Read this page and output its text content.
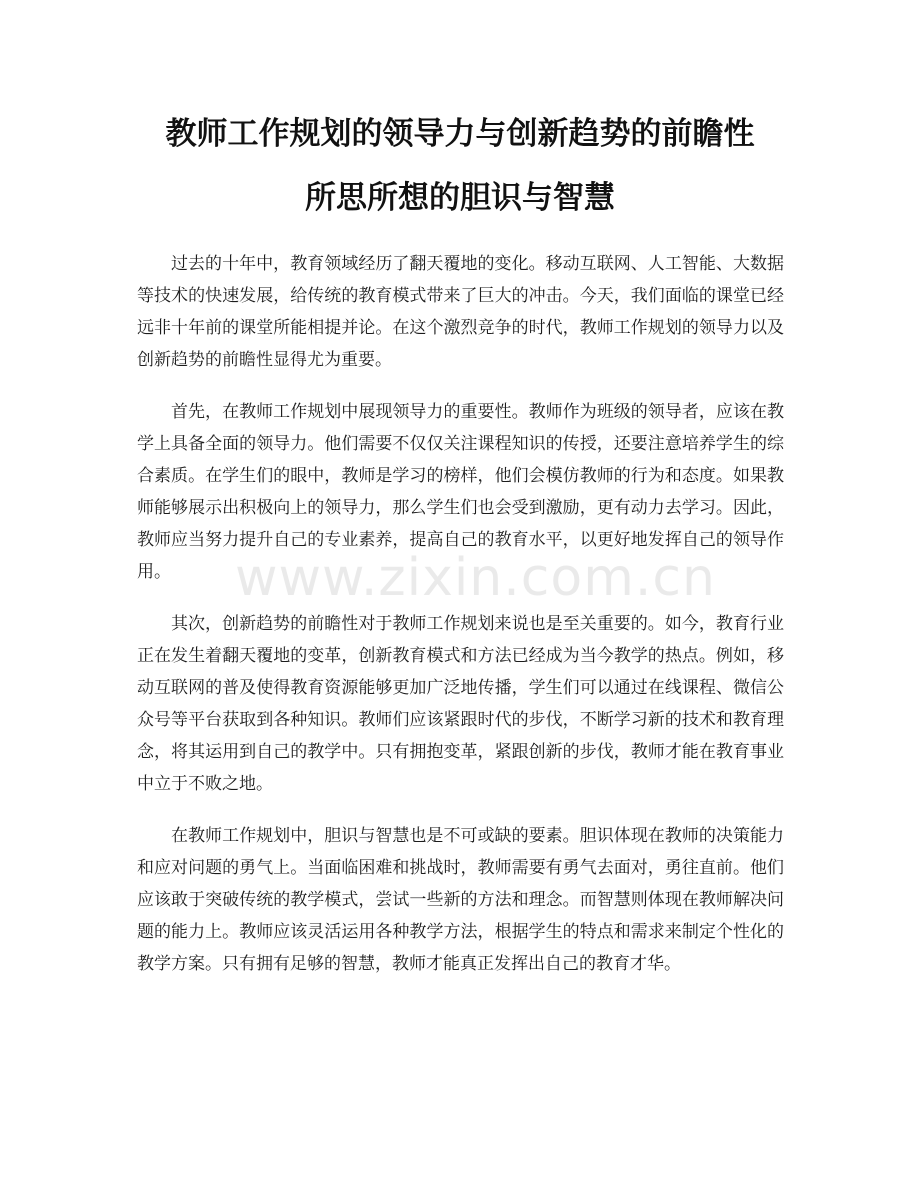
教师工作规划的领导力与创新趋势的前瞻性
所思所想的胆识与智慧

过去的十年中，教育领域经历了翻天覆地的变化。移动互联网、人工智能、大数据等技术的快速发展，给传统的教育模式带来了巨大的冲击。今天，我们面临的课堂已经远非十年前的课堂所能相提并论。在这个激烈竞争的时代，教师工作规划的领导力以及创新趋势的前瞻性显得尤为重要。

首先，在教师工作规划中展现领导力的重要性。教师作为班级的领导者，应该在教学上具备全面的领导力。他们需要不仅仅关注课程知识的传授，还要注意培养学生的综合素质。在学生们的眼中，教师是学习的榜样，他们会模仿教师的行为和态度。如果教师能够展示出积极向上的领导力，那么学生们也会受到激励，更有动力去学习。因此，教师应当努力提升自己的专业素养，提高自己的教育水平，以更好地发挥自己的领导作用。

其次，创新趋势的前瞻性对于教师工作规划来说也是至关重要的。如今，教育行业正在发生着翻天覆地的变革，创新教育模式和方法已经成为当今教学的热点。例如，移动互联网的普及使得教育资源能够更加广泛地传播，学生们可以通过在线课程、微信公众号等平台获取到各种知识。教师们应该紧跟时代的步伐，不断学习新的技术和教育理念，将其运用到自己的教学中。只有拥抱变革，紧跟创新的步伐，教师才能在教育事业中立于不败之地。

在教师工作规划中，胆识与智慧也是不可或缺的要素。胆识体现在教师的决策能力和应对问题的勇气上。当面临困难和挑战时，教师需要有勇气去面对，勇往直前。他们应该敢于突破传统的教学模式，尝试一些新的方法和理念。而智慧则体现在教师解决问题的能力上。教师应该灵活运用各种教学方法，根据学生的特点和需求来制定个性化的教学方案。只有拥有足够的智慧，教师才能真正发挥出自己的教育才华。

www.zixin.com.cn
